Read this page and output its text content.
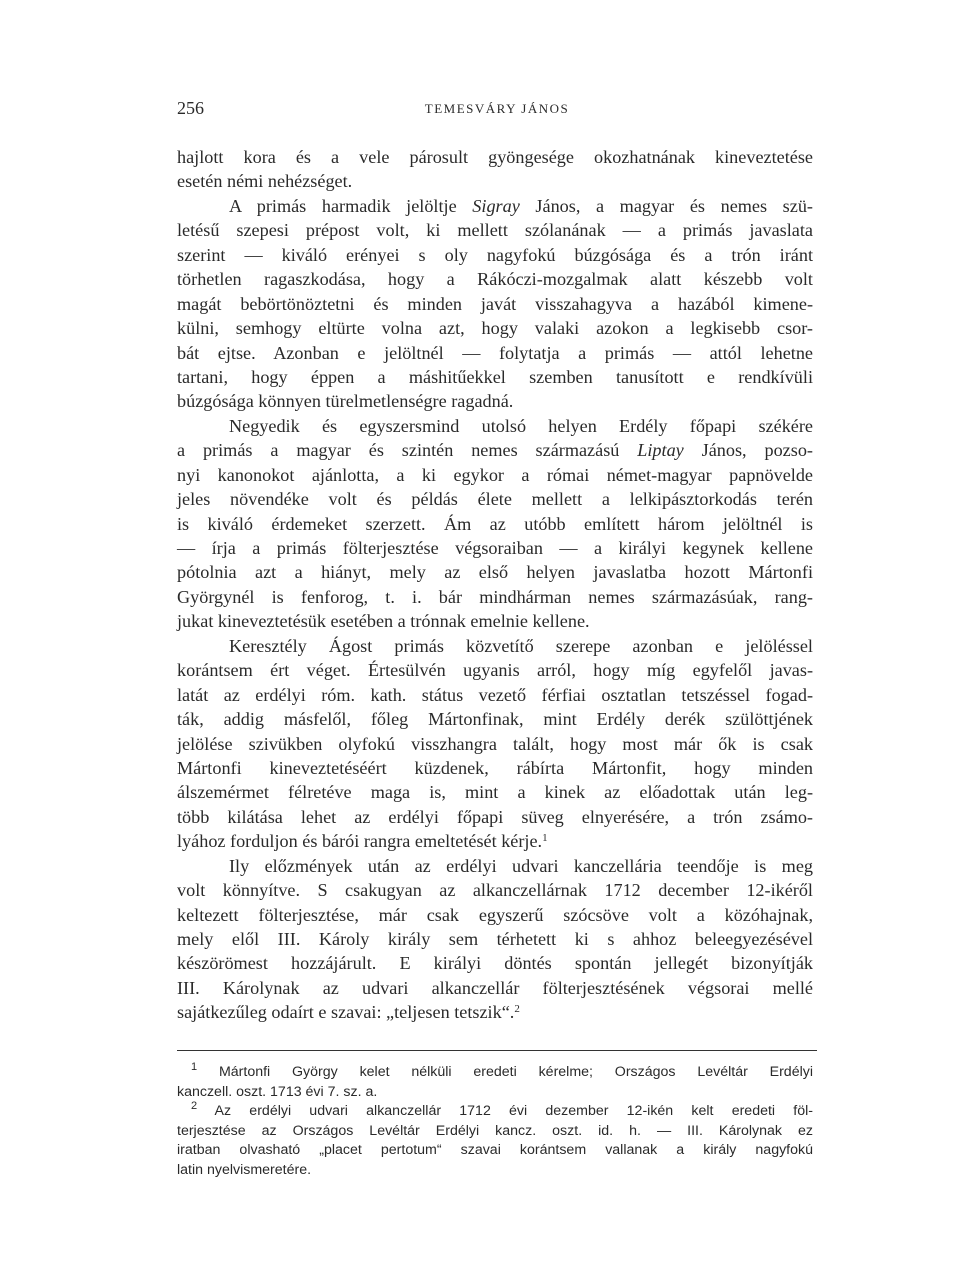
256	TEMESVÁRY JÁNOS
hajlott kora és a vele párosult gyöngesége okozhatnának kineveztetése
esetén némi nehézséget.
A primás harmadik jelöltje Sigray János, a magyar és nemes szü-
letésű szepesi prépost volt, ki mellett szólanának — a primás javaslata
szerint — kiváló erényei s oly nagyfokú búzgósága és a trón iránt
törhetlen ragaszkodása, hogy a Rákóczi-mozgalmak alatt készebb volt
magát bebörtönöztetni és minden javát visszahagyva a hazából kimene-
külni, semhogy eltürte volna azt, hogy valaki azokon a legkisebb csor-
bát ejtse. Azonban e jelöltnél — folytatja a primás — attól lehetne
tartani, hogy éppen a máshitűekkel szemben tanusított e rendkívüli
búzgósága könnyen türelmetlenségre ragadná.
Negyedik és egyszersmind utolsó helyen Erdély főpapi székére
a primás a magyar és szintén nemes származású Liptay János, pozso-
nyi kanonokot ajánlotta, a ki egykor a római német-magyar papnövelde
jeles növendéke volt és példás élete mellett a lelkipásztorkodás terén
is kiváló érdemeket szerzett. Ám az utóbb említett három jelöltnél is
— írja a primás fölterjesztése végsoraiban — a királyi kegynek kellene
pótolnia azt a hiányt, mely az első helyen javaslatba hozott Mártonfi
Györgynél is fenforog, t. i. bár mindhárman nemes származásúak, rang-
jukat kineveztetésük esetében a trónnak emelnie kellene.
Keresztély Ágost primás közvetítő szerepe azonban e jelöléssel
korántsem ért véget. Értesülvén ugyanis arról, hogy míg egyfelől javas-
latát az erdélyi róm. kath. státus vezető férfiai osztatlan tetszéssel fogad-
ták, addig másfelől, főleg Mártonfinak, mint Erdély derék szülöttjének
jelölése szivükben olyfokú visszhangra talált, hogy most már ők is csak
Mártonfi kineveztetéséért küzdenek, rábírta Mártonfit, hogy minden
álszemérmet félretéve maga is, mint a kinek az előadottak után leg-
több kilátása lehet az erdélyi főpapi süveg elnyerésére, a trón zsámo-
lyához forduljon és bárói rangra emeltetését kérje.$^1$
Ily előzmények után az erdélyi udvari kanczellária teendője is meg
volt könnyítve. S csakugyan az alkanczellárnak 1712 december 12-ikéről
keltezett fölterjesztése, már csak egyszerű szócsöve volt a közóhajnak,
mely elől III. Károly király sem térhetett ki s ahhoz beleegyezésével
készörömest hozzájárult. E királyi döntés spontán jellegét bizonyítják
III. Károlynak az udvari alkanczellár fölterjesztésének végsorai mellé
sajátkezűleg odaírt e szavai: „teljesen tetszik“.$^2$
$^1$ Mártonfi György kelet nélküli eredeti kérelme; Országos Levéltár Erdélyi
kanczell. oszt. 1713 évi 7. sz. a.
$^2$ Az erdélyi udvari alkanczellár 1712 évi dezember 12-ikén kelt eredeti föl-
terjesztése az Országos Levéltár Erdélyi kancz. oszt. id. h. — III. Károlynak ez
iratban olvasható „placet pertotum“ szavai korántsem vallanak a király nagyfokú
latin nyelvismeretére.
